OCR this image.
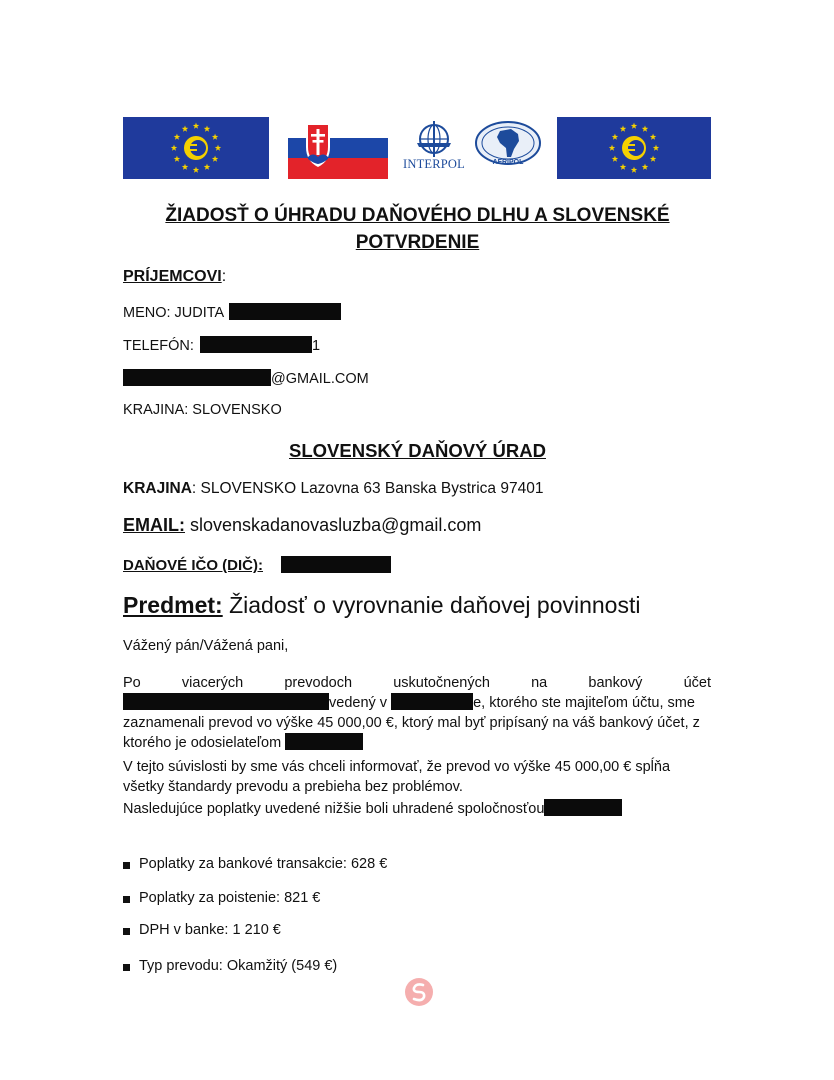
INTERPOL	AFRIPOL
ŽIADOSŤ O ÚHRADU DAŇOVÉHO DLHU A SLOVENSKÉ POTVRDENIE
PRÍJEMCOVI:
MENO: JUDITA
TELEFÓN:	1
@GMAIL.COM
KRAJINA: SLOVENSKO
SLOVENSKÝ DAŇOVÝ ÚRAD
KRAJINA: SLOVENSKO Lazovna 63 Banska Bystrica 97401
EMAIL: slovenskadanovasluzba@gmail.com
DAŇOVÉ IČO (DIČ):
Predmet: Žiadosť o vyrovnanie daňovej povinnosti
Vážený pán/Vážená pani,
Po viacerých prevodoch uskutočnených na bankový účet
vedený v	e, ktorého ste majiteľom účtu, sme
zaznamenali prevod vo výške 45 000,00 €, ktorý mal byť pripísaný na váš bankový účet, z
ktorého je odosielateľom
V tejto súvislosti by sme vás chceli informovať, že prevod vo výške 45 000,00 € spĺňa
všetky štandardy prevodu a prebieha bez problémov.
Nasledujúce poplatky uvedené nižšie boli uhradené spoločnosťou
Poplatky za bankové transakcie: 628 €
Poplatky za poistenie: 821 €
DPH v banke: 1 210 €
Typ prevodu: Okamžitý (549 €)
